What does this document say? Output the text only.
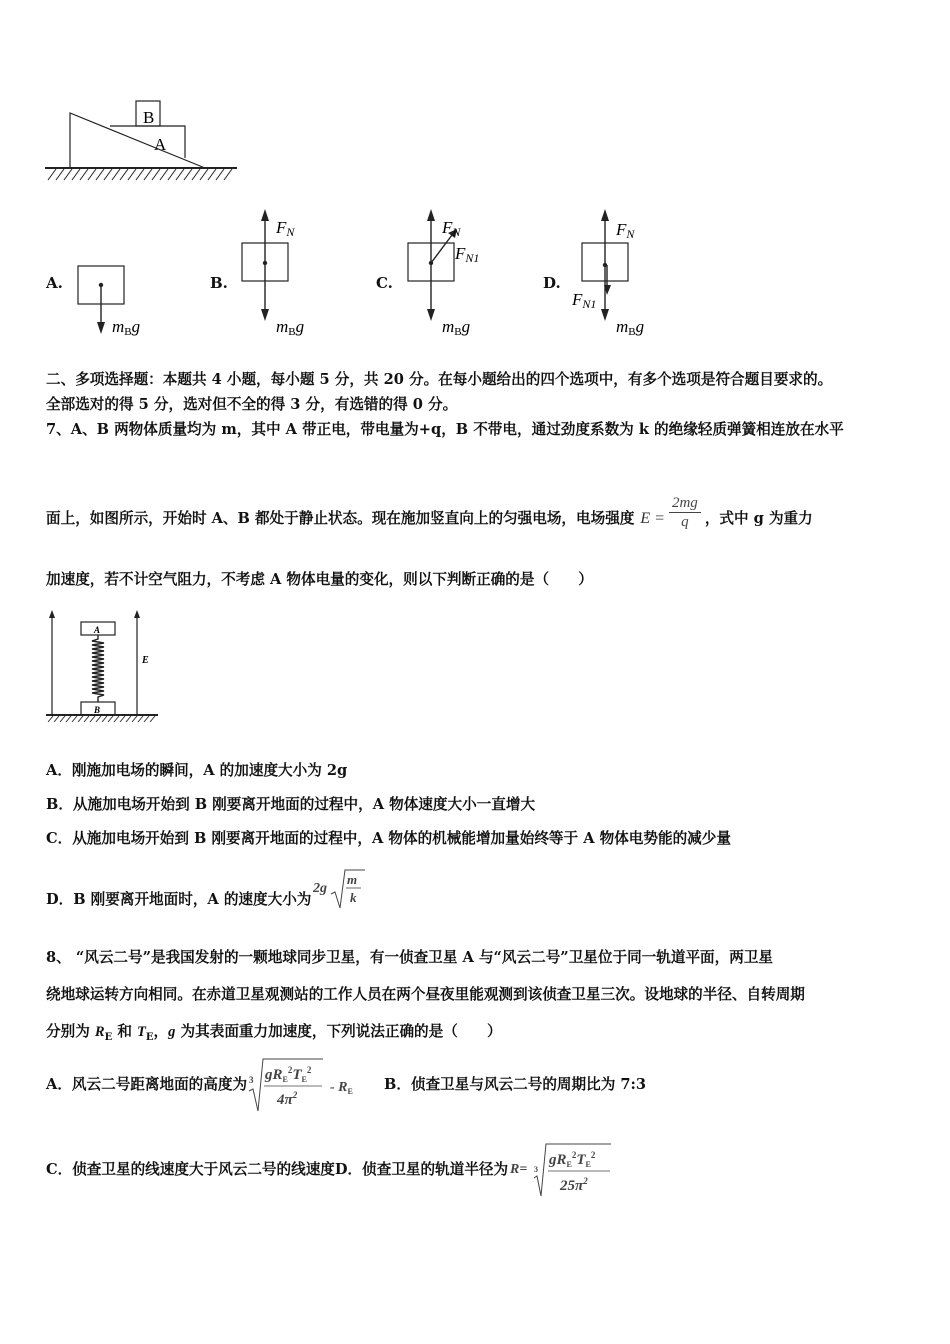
B
A
A.
mBg
B.
FN
mBg
C.
FN
FN1
mBg
D.
FN
FN1
mBg
二、多项选择题：本题共 4 小题，每小题 5 分，共 20 分。在每小题给出的四个选项中，有多个选项是符合题目要求的。
全部选对的得 5 分，选对但不全的得 3 分，有选错的得 0 分。
7、A、B 两物体质量均为 m，其中 A 带正电，带电量为+q，B 不带电，通过劲度系数为 k 的绝缘轻质弹簧相连放在水平
面上，如图所示，开始时 A、B 都处于静止状态。现在施加竖直向上的匀强电场，电场强度 $E = \frac{2mg}{q}$ ，式中 g 为重力
加速度，若不计空气阻力，不考虑 A 物体电量的变化，则以下判断正确的是（　　）
A
B
E
A．刚施加电场的瞬间，A 的加速度大小为 2g
B．从施加电场开始到 B 刚要离开地面的过程中，A 物体速度大小一直增大
C．从施加电场开始到 B 刚要离开地面的过程中，A 物体的机械能增加量始终等于 A 物体电势能的减少量
D．B 刚要离开地面时，A 的速度大小为
2g
m
k
8、 “风云二号”是我国发射的一颗地球同步卫星，有一侦查卫星 A 与“风云二号”卫星位于同一轨道平面，两卫星
绕地球运转方向相同。在赤道卫星观测站的工作人员在两个昼夜里能观测到该侦查卫星三次。设地球的半径、自转周期
分别为 $R_E$ 和 $T_E$，g 为其表面重力加速度，下列说法正确的是（　　）
A．风云二号距离地面的高度为 3 $gR_E^2T_E^2$
$4\pi^2 - R_E$ B．侦查卫星与风云二号的周期比为 7:3
C．侦查卫星的线速度大于风云二号的线速度 D．侦查卫星的轨道半径为 R= 3
$gR_E^2T_E^2$
$25\pi^2$
